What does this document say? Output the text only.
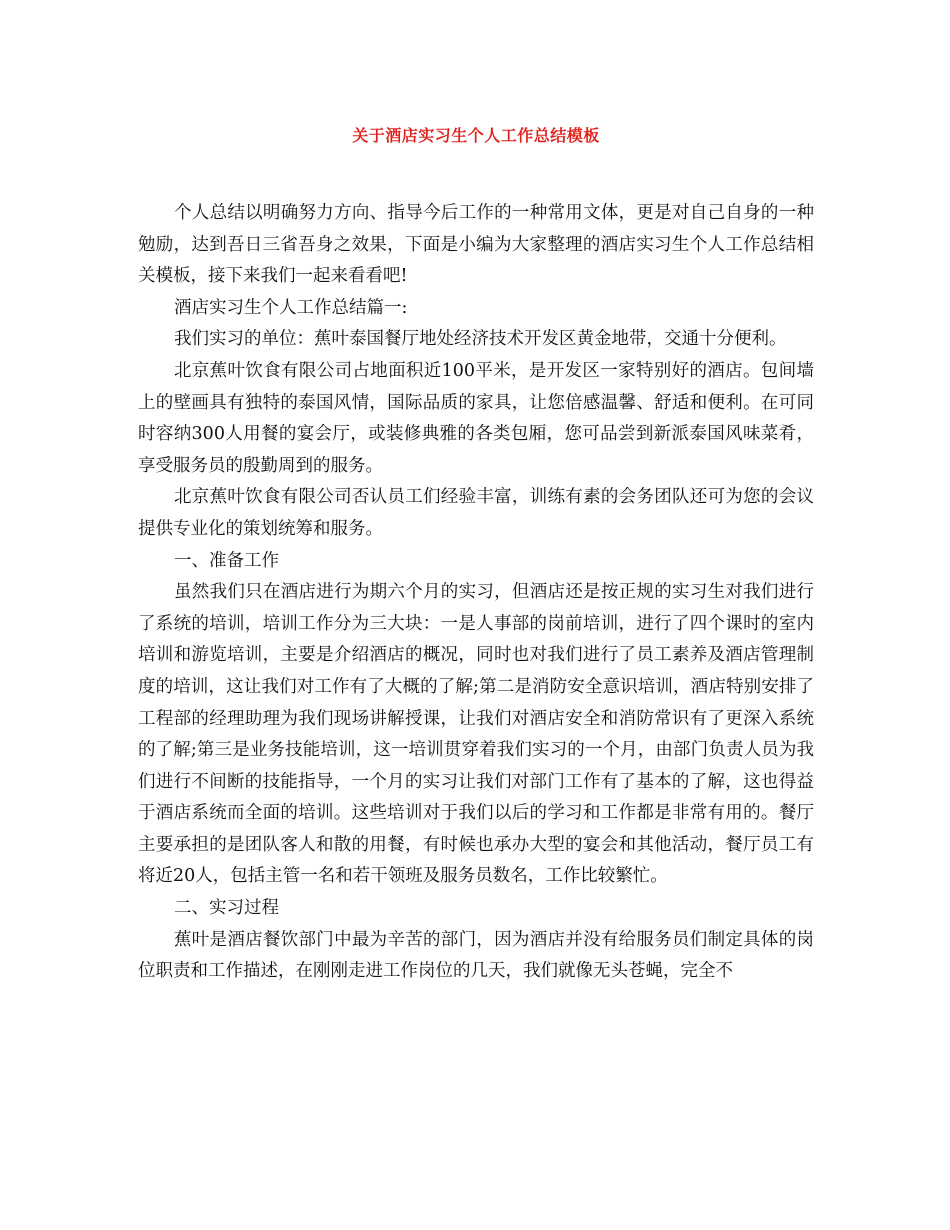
关于酒店实习生个人工作总结模板

个人总结以明确努力方向、指导今后工作的一种常用文体，更是对自己自身的一种勉励，达到吾日三省吾身之效果，下面是小编为大家整理的酒店实习生个人工作总结相关模板，接下来我们一起来看看吧!

酒店实习生个人工作总结篇一:

我们实习的单位：蕉叶泰国餐厅地处经济技术开发区黄金地带，交通十分便利。

北京蕉叶饮食有限公司占地面积近100平米，是开发区一家特别好的酒店。包间墙上的壁画具有独特的泰国风情，国际品质的家具，让您倍感温馨、舒适和便利。在可同时容纳300人用餐的宴会厅，或装修典雅的各类包厢，您可品尝到新派泰国风味菜肴，享受服务员的殷勤周到的服务。

北京蕉叶饮食有限公司否认员工们经验丰富，训练有素的会务团队还可为您的会议提供专业化的策划统筹和服务。

一、准备工作

虽然我们只在酒店进行为期六个月的实习，但酒店还是按正规的实习生对我们进行了系统的培训，培训工作分为三大块：一是人事部的岗前培训，进行了四个课时的室内培训和游览培训，主要是介绍酒店的概况，同时也对我们进行了员工素养及酒店管理制度的培训，这让我们对工作有了大概的了解;第二是消防安全意识培训，酒店特别安排了工程部的经理助理为我们现场讲解授课，让我们对酒店安全和消防常识有了更深入系统的了解;第三是业务技能培训，这一培训贯穿着我们实习的一个月，由部门负责人员为我们进行不间断的技能指导，一个月的实习让我们对部门工作有了基本的了解，这也得益于酒店系统而全面的培训。这些培训对于我们以后的学习和工作都是非常有用的。餐厅主要承担的是团队客人和散的用餐，有时候也承办大型的宴会和其他活动，餐厅员工有将近20人，包括主管一名和若干领班及服务员数名，工作比较繁忙。

二、实习过程

蕉叶是酒店餐饮部门中最为辛苦的部门，因为酒店并没有给服务员们制定具体的岗位职责和工作描述，在刚刚走进工作岗位的几天，我们就像无头苍蝇，完全不
